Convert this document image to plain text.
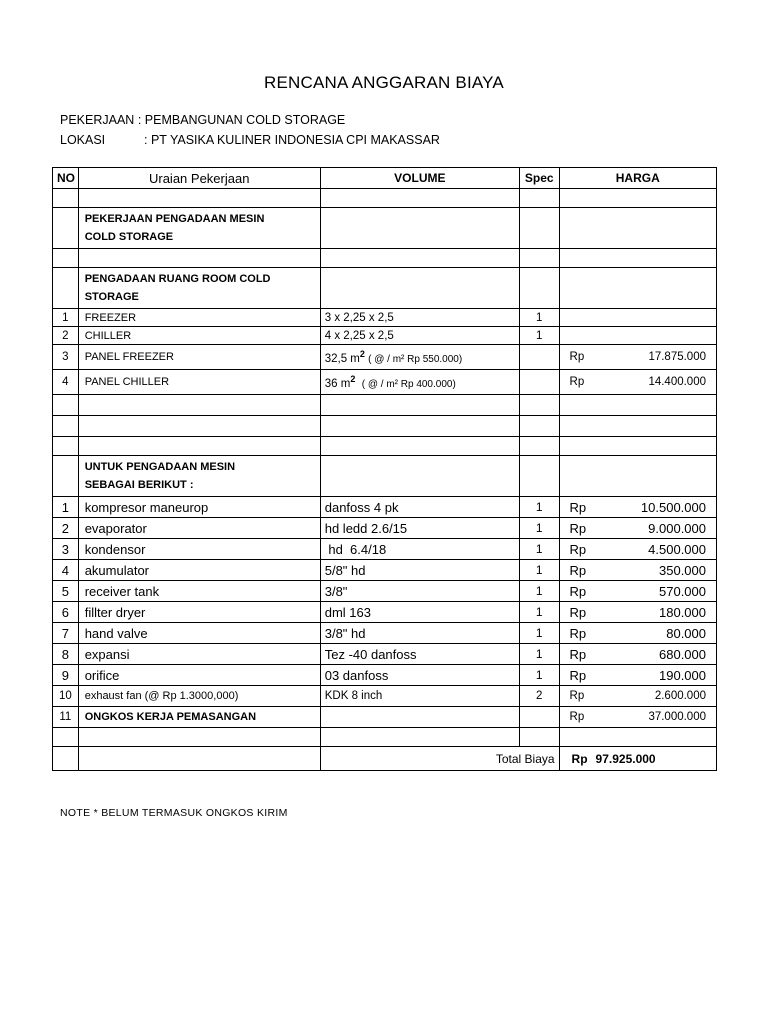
RENCANA ANGGARAN BIAYA
PEKERJAAN : PEMBANGUNAN COLD STORAGE
LOKASI	: PT YASIKA KULINER INDONESIA CPI MAKASSAR
NO	Uraian Pekerjaan	VOLUME	Spec	HARGA

	PEKERJAAN PENGADAAN MESIN
COLD STORAGE			

	PENGADAAN RUANG ROOM COLD
STORAGE			

1	FREEZER	3 x 2,25 x 2,5	1	
2	CHILLER	4 x 2,25 x 2,5	1	
3	PANEL FREEZER	32,5 $m^2$ ( @ / m² Rp 550.000)		Rp 17.875.000

4	PANEL CHILLER	36 $m^2$ ( @ / m² Rp 400.000)		Rp 14.400.000

	UNTUK PENGADAAN MESIN
SEBAGAI BERIKUT :			

1	kompresor maneurop	danfoss 4 pk	1	Rp 10.500.000

2	evaporator	hd ledd 2.6/15	1	Rp 9.000.000

3	kondensor	hd  6.4/18	1	Rp 4.500.000

4	akumulator	5/8" hd	1	Rp 350.000

5	receiver tank	3/8"	1	Rp 570.000

6	fillter dryer	dml 163	1	Rp 180.000

7	hand valve	3/8" hd	1	Rp 80.000

8	expansi	Tez -40 danfoss	1	Rp 680.000

9	orifice	03 danfoss	1	Rp 190.000

10	exhaust fan (@ Rp 1.3000,000)	KDK 8 inch	2	Rp 2.600.000

11	ONGKOS KERJA PEMASANGAN			Rp 37.000.000

		Total Biaya		Rp 97.925.000
NOTE * BELUM TERMASUK ONGKOS KIRIM
